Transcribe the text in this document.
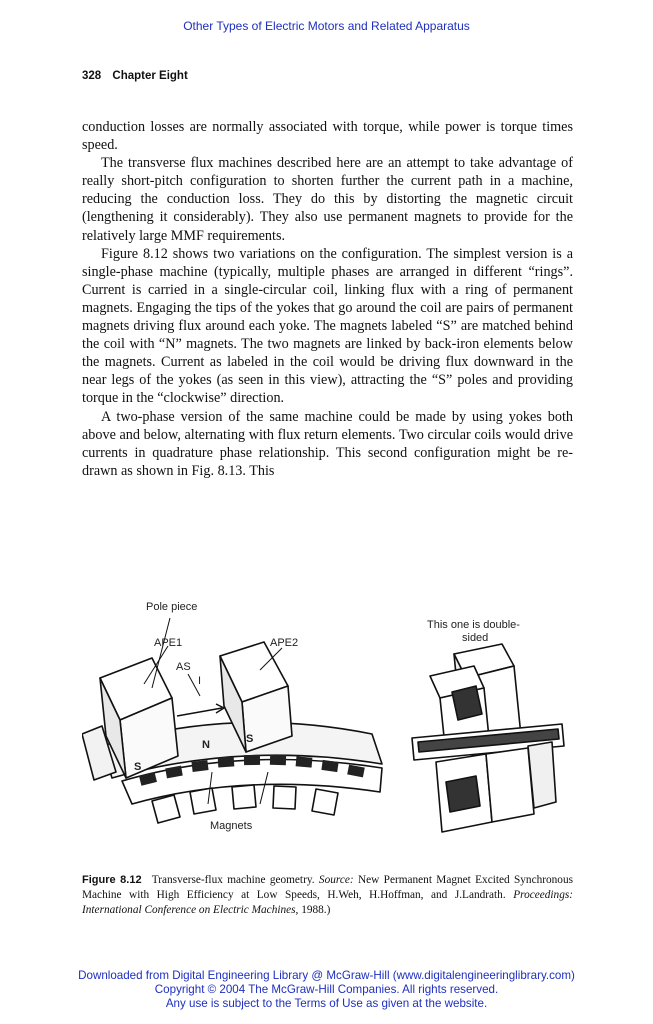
Other Types of Electric Motors and Related Apparatus
328 Chapter Eight

conduction losses are normally associated with torque, while power is torque times speed.

The transverse flux machines described here are an attempt to take advantage of really short-pitch configuration to shorten further the current path in a machine, reducing the conduction loss. They do this by distorting the magnetic circuit (lengthening it considerably). They also use permanent magnets to provide for the relatively large MMF requirements.

Figure 8.12 shows two variations on the configuration. The simplest version is a single-phase machine (typically, multiple phases are arranged in different “rings”. Current is carried in a single-circular coil, linking flux with a ring of permanent magnets. Engaging the tips of the yokes that go around the coil are pairs of permanent magnets driving flux around each yoke. The magnets labeled “S” are matched behind the coil with “N” magnets. The two magnets are linked by back-iron elements below the magnets. Current as labeled in the coil would be driving flux downward in the near legs of the yokes (as seen in this view), attracting the “S” poles and providing torque in the “clockwise” direction.

A two-phase version of the same machine could be made by using yokes both above and below, alternating with flux return elements. Two circular coils would drive currents in quadrature phase relationship. This second configuration might be re-drawn as shown in Fig. 8.13. This

S
N	S
Pole piece
APE1	APE2
AS
I
Magnets
This one is double-
sided
Figure 8.12 Transverse-flux machine geometry. Source: New Permanent Magnet Excited Synchronous Machine with High Efficiency at Low Speeds, H.Weh, H.Hoffman, and J.Landrath. Proceedings: International Conference on Electric Machines, 1988.)
Downloaded from Digital Engineering Library @ McGraw-Hill (www.digitalengineeringlibrary.com)
Copyright © 2004 The McGraw-Hill Companies. All rights reserved.
Any use is subject to the Terms of Use as given at the website.
